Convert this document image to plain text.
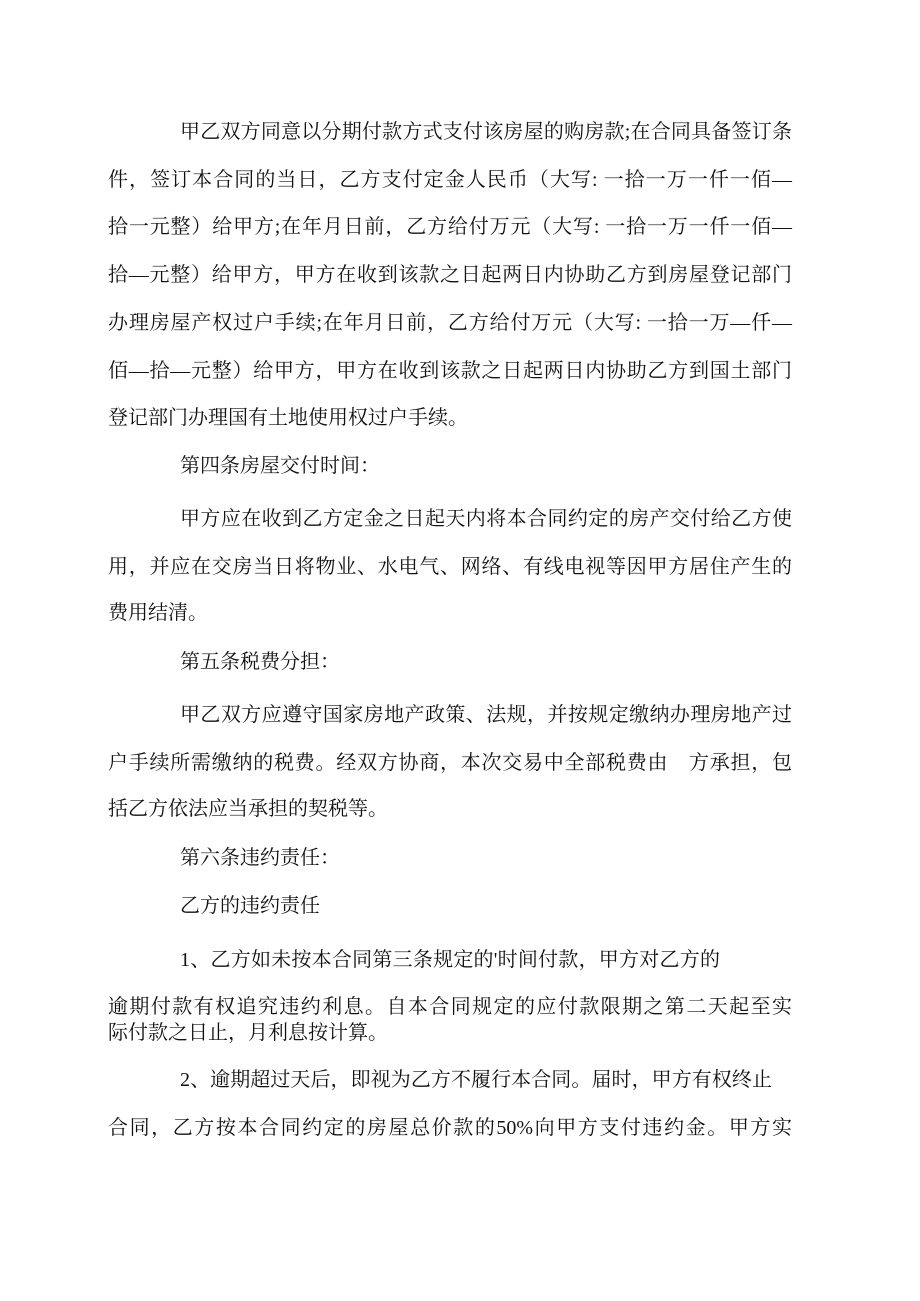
甲乙双方同意以分期付款方式支付该房屋的购房款;在合同具备签订条
件，签订本合同的当日，乙方支付定金人民币（大写: 一拾一万一仟一佰—
拾一元整）给甲方;在年月日前，乙方给付万元（大写: 一拾一万一仟一佰—
拾—元整）给甲方，甲方在收到该款之日起两日内协助乙方到房屋登记部门
办理房屋产权过户手续;在年月日前，乙方给付万元（大写: 一拾一万—仟—
佰—拾—元整）给甲方，甲方在收到该款之日起两日内协助乙方到国土部门
登记部门办理国有土地使用权过户手续。
第四条房屋交付时间：
甲方应在收到乙方定金之日起天内将本合同约定的房产交付给乙方使
用，并应在交房当日将物业、水电气、网络、有线电视等因甲方居住产生的
费用结清。
第五条税费分担：
甲乙双方应遵守国家房地产政策、法规，并按规定缴纳办理房地产过
户手续所需缴纳的税费。经双方协商，本次交易中全部税费由　方承担，包
括乙方依法应当承担的契税等。
第六条违约责任：
乙方的违约责任
1、乙方如未按本合同第三条规定的'时间付款，甲方对乙方的
逾期付款有权追究违约利息。自本合同规定的应付款限期之第二天起至实
际付款之日止，月利息按计算。
2、逾期超过天后，即视为乙方不履行本合同。届时，甲方有权终止
合同，乙方按本合同约定的房屋总价款的50%向甲方支付违约金。甲方实
